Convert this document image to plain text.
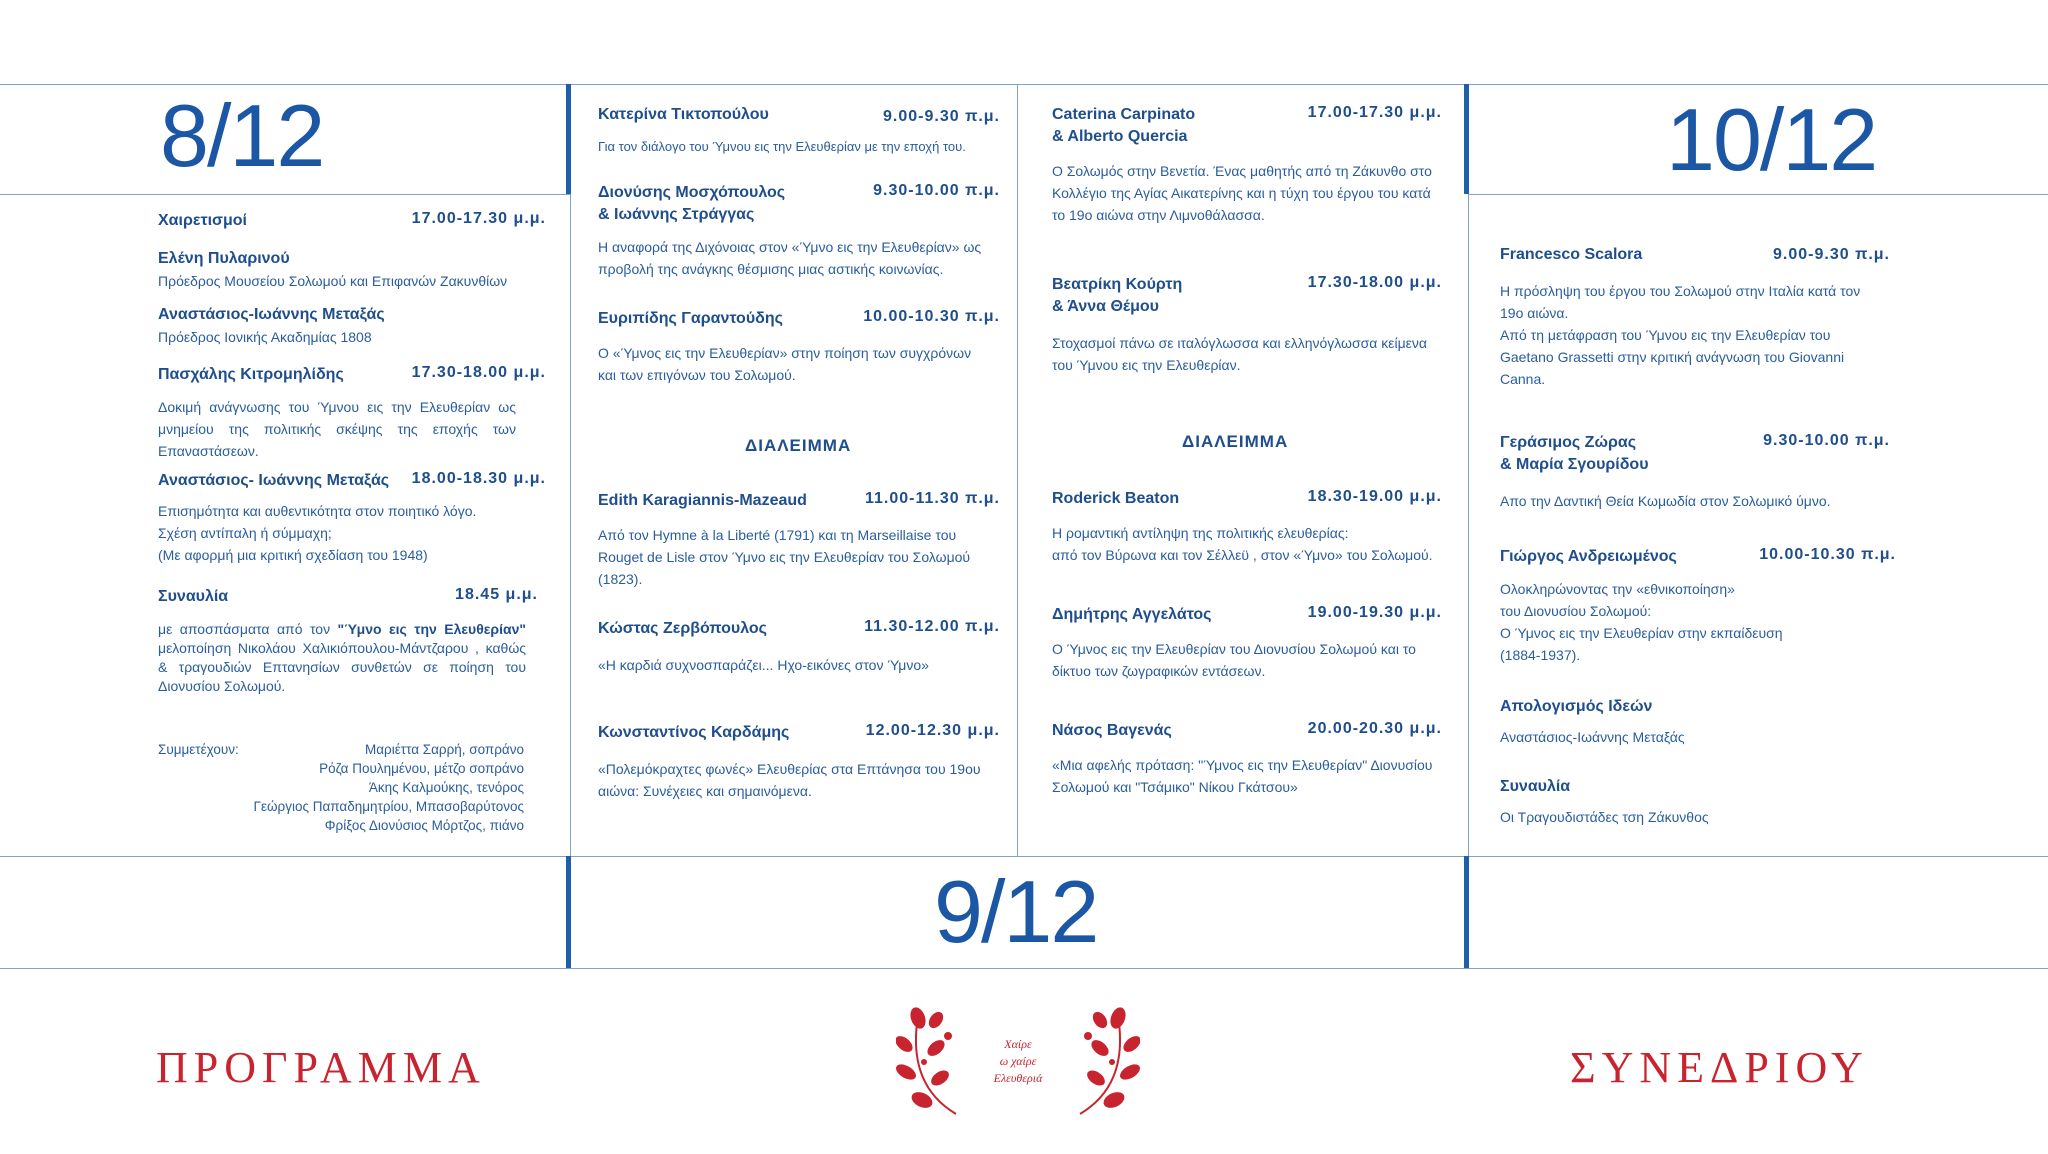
8/12
9/12
10/12
Χαιρετισμοί	17.00-17.30 μ.μ.
Ελένη Πυλαρινού
Πρόεδρος Μουσείου Σολωμού και Επιφανών Ζακυνθίων
Αναστάσιος-Ιωάννης Μεταξάς
Πρόεδρος Ιονικής Ακαδημίας 1808
Πασχάλης Κιτρομηλίδης	17.30-18.00 μ.μ.

Δοκιμή ανάγνωσης του Ύμνου εις την Ελευθερίαν ως μνημείου της πολιτικής σκέψης της εποχής των Επαναστάσεων.

Αναστάσιος- Ιωάννης Μεταξάς 18.00-18.30 μ.μ.

Επισημότητα και αυθεντικότητα στον ποιητικό λόγο.

Σχέση αντίπαλη ή σύμμαχη;

(Με αφορμή μια κριτική σχεδίαση του 1948)

Συναυλία	18.45 μ.μ.

με αποσπάσματα από τον "Ύμνο εις την Ελευθερίαν" μελοποίηση Νικολάου Χαλικιόπουλου-Μάντζαρου , καθώς & τραγουδιών Επτανησίων συνθετών σε ποίηση του Διονυσίου Σολωμού.

Συμμετέχουν:	Μαριέττα Σαρρή, σοπράνο
Ρόζα Πουλημένου, μέτζο σοπράνο
Άκης Καλμούκης, τενόρος
Γεώργιος Παπαδημητρίου, Μπασοβαρύτονος
Φρίξος Διονύσιος Μόρτζος, πιάνο
Κατερίνα Τικτοπούλου	9.00-9.30 π.μ.

Για τον διάλογο του Ύμνου εις την Ελευθερίαν με την εποχή του.

Διονύσης Μοσχόπουλος
& Ιωάννης Στράγγας
9.30-10.00 π.μ.

Η αναφορά της Διχόνοιας στον «Ύμνο εις την Ελευθερίαν» ως προβολή της ανάγκης θέσμισης μιας αστικής κοινωνίας.

Ευριπίδης Γαραντούδης	10.00-10.30 π.μ.

Ο «Ύμνος εις την Ελευθερίαν» στην ποίηση των συγχρόνων και των επιγόνων του Σολωμού.

ΔΙΑΛΕΙΜΜΑ
Edith Karagiannis-Mazeaud	11.00-11.30 π.μ.

Από τον Hymne à la Liberté (1791) και τη Marseillaise του Rouget de Lisle στον Ύμνο εις την Ελευθερίαν του Σολωμού (1823).

Κώστας Ζερβόπουλος	11.30-12.00 π.μ.

«Η καρδιά συχνοσπαράζει... Ηχο-εικόνες στον Ύμνο»

Κωνσταντίνος Καρδάμης	12.00-12.30 μ.μ.

«Πολεμόκραχτες φωνές» Ελευθερίας στα Επτάνησα του 19ου αιώνα: Συνέχειες και σημαινόμενα.

Caterina Carpinato
& Alberto Quercia
17.00-17.30 μ.μ.

Ο Σολωμός στην Βενετία. Ένας μαθητής από τη Ζάκυνθο στο Κολλέγιο της Αγίας Αικατερίνης και η τύχη του έργου του κατά το 19ο αιώνα στην Λιμνοθάλασσα.

Βεατρίκη Κούρτη
& Άννα Θέμου
17.30-18.00 μ.μ.

Στοχασμοί πάνω σε ιταλόγλωσσα και ελληνόγλωσσα κείμενα του Ύμνου εις την Ελευθερίαν.

ΔΙΑΛΕΙΜΜΑ
Roderick Beaton	18.30-19.00 μ.μ.

Η ρομαντική αντίληψη της πολιτικής ελευθερίας:

από τον Βύρωνα και τον Σέλλεϋ , στον «Ύμνο» του Σολωμού.

Δημήτρης Αγγελάτος	19.00-19.30 μ.μ.

Ο Ύμνος εις την Ελευθερίαν του Διονυσίου Σολωμού και το δίκτυο των ζωγραφικών εντάσεων.

Νάσος Βαγενάς	20.00-20.30 μ.μ.

«Μια αφελής πρόταση: "Ύμνος εις την Ελευθερίαν" Διονυσίου Σολωμού και "Τσάμικο" Νίκου Γκάτσου»

Francesco Scalora	9.00-9.30 π.μ.

Η πρόσληψη του έργου του Σολωμού στην Ιταλία κατά τον 19ο αιώνα.

Από τη μετάφραση του Ύμνου εις την Ελευθερίαν του Gaetano Grassetti στην κριτική ανάγνωση του Giovanni Canna.

Γεράσιμος Ζώρας
& Μαρία Σγουρίδου
9.30-10.00 π.μ.

Απο την Δαντική Θεία Κωμωδία στον Σολωμικό ύμνο.

Γιώργος Ανδρειωμένος	10.00-10.30 π.μ.

Ολοκληρώνοντας την «εθνικοποίηση»

του Διονυσίου Σολωμού:

Ο Ύμνος εις την Ελευθερίαν στην εκπαίδευση

(1884-1937).

Απολογισμός Ιδεών

Αναστάσιος-Ιωάννης Μεταξάς

Συναυλία

Οι Τραγουδιστάδες τση Ζάκυνθος

ΠΡΟΓΡΑΜΜΑ	ΣΥΝΕΔΡΙΟΥ
Χαίρε
ω χαίρε
Ελευθεριά
